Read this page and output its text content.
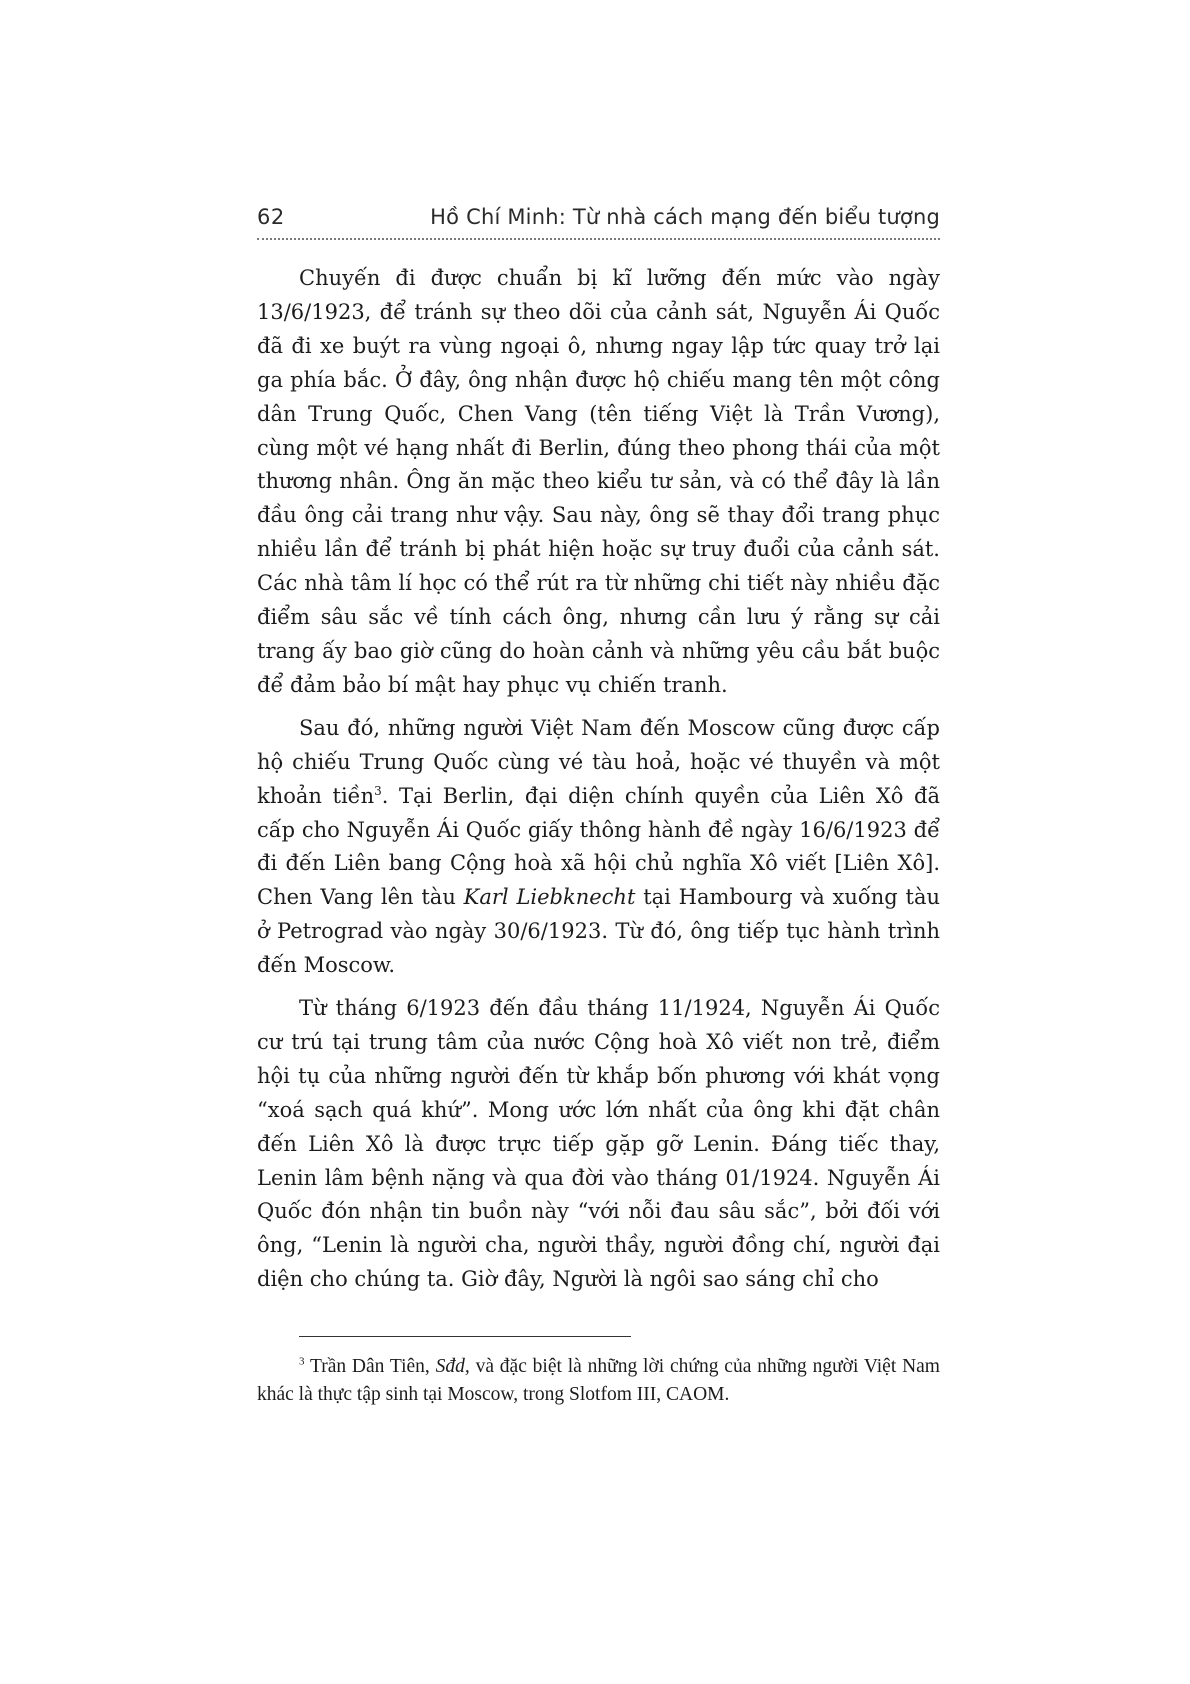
62	Hồ Chí Minh: Từ nhà cách mạng đến biểu tượng

Chuyến đi được chuẩn bị kĩ lưỡng đến mức vào ngày 13/6/1923, để tránh sự theo dõi của cảnh sát, Nguyễn Ái Quốc đã đi xe buýt ra vùng ngoại ô, nhưng ngay lập tức quay trở lại ga phía bắc. Ở đây, ông nhận được hộ chiếu mang tên một công dân Trung Quốc, Chen Vang (tên tiếng Việt là Trần Vương), cùng một vé hạng nhất đi Berlin, đúng theo phong thái của một thương nhân. Ông ăn mặc theo kiểu tư sản, và có thể đây là lần đầu ông cải trang như vậy. Sau này, ông sẽ thay đổi trang phục nhiều lần để tránh bị phát hiện hoặc sự truy đuổi của cảnh sát. Các nhà tâm lí học có thể rút ra từ những chi tiết này nhiều đặc điểm sâu sắc về tính cách ông, nhưng cần lưu ý rằng sự cải trang ấy bao giờ cũng do hoàn cảnh và những yêu cầu bắt buộc để đảm bảo bí mật hay phục vụ chiến tranh.

Sau đó, những người Việt Nam đến Moscow cũng được cấp hộ chiếu Trung Quốc cùng vé tàu hoả, hoặc vé thuyền và một khoản tiền$^3$. Tại Berlin, đại diện chính quyền của Liên Xô đã cấp cho Nguyễn Ái Quốc giấy thông hành đề ngày 16/6/1923 để đi đến Liên bang Cộng hoà xã hội chủ nghĩa Xô viết [Liên Xô]. Chen Vang lên tàu Karl Liebknecht tại Hambourg và xuống tàu ở Petrograd vào ngày 30/6/1923. Từ đó, ông tiếp tục hành trình đến Moscow.

Từ tháng 6/1923 đến đầu tháng 11/1924, Nguyễn Ái Quốc cư trú tại trung tâm của nước Cộng hoà Xô viết non trẻ, điểm hội tụ của những người đến từ khắp bốn phương với khát vọng “xoá sạch quá khứ”. Mong ước lớn nhất của ông khi đặt chân đến Liên Xô là được trực tiếp gặp gỡ Lenin. Đáng tiếc thay, Lenin lâm bệnh nặng và qua đời vào tháng 01/1924. Nguyễn Ái Quốc đón nhận tin buồn này “với nỗi đau sâu sắc”, bởi đối với ông, “Lenin là người cha, người thầy, người đồng chí, người đại diện cho chúng ta. Giờ đây, Người là ngôi sao sáng chỉ cho

$^3$ Trần Dân Tiên, Sđd, và đặc biệt là những lời chứng của những người Việt Nam khác là thực tập sinh tại Moscow, trong Slotfom III, CAOM.
